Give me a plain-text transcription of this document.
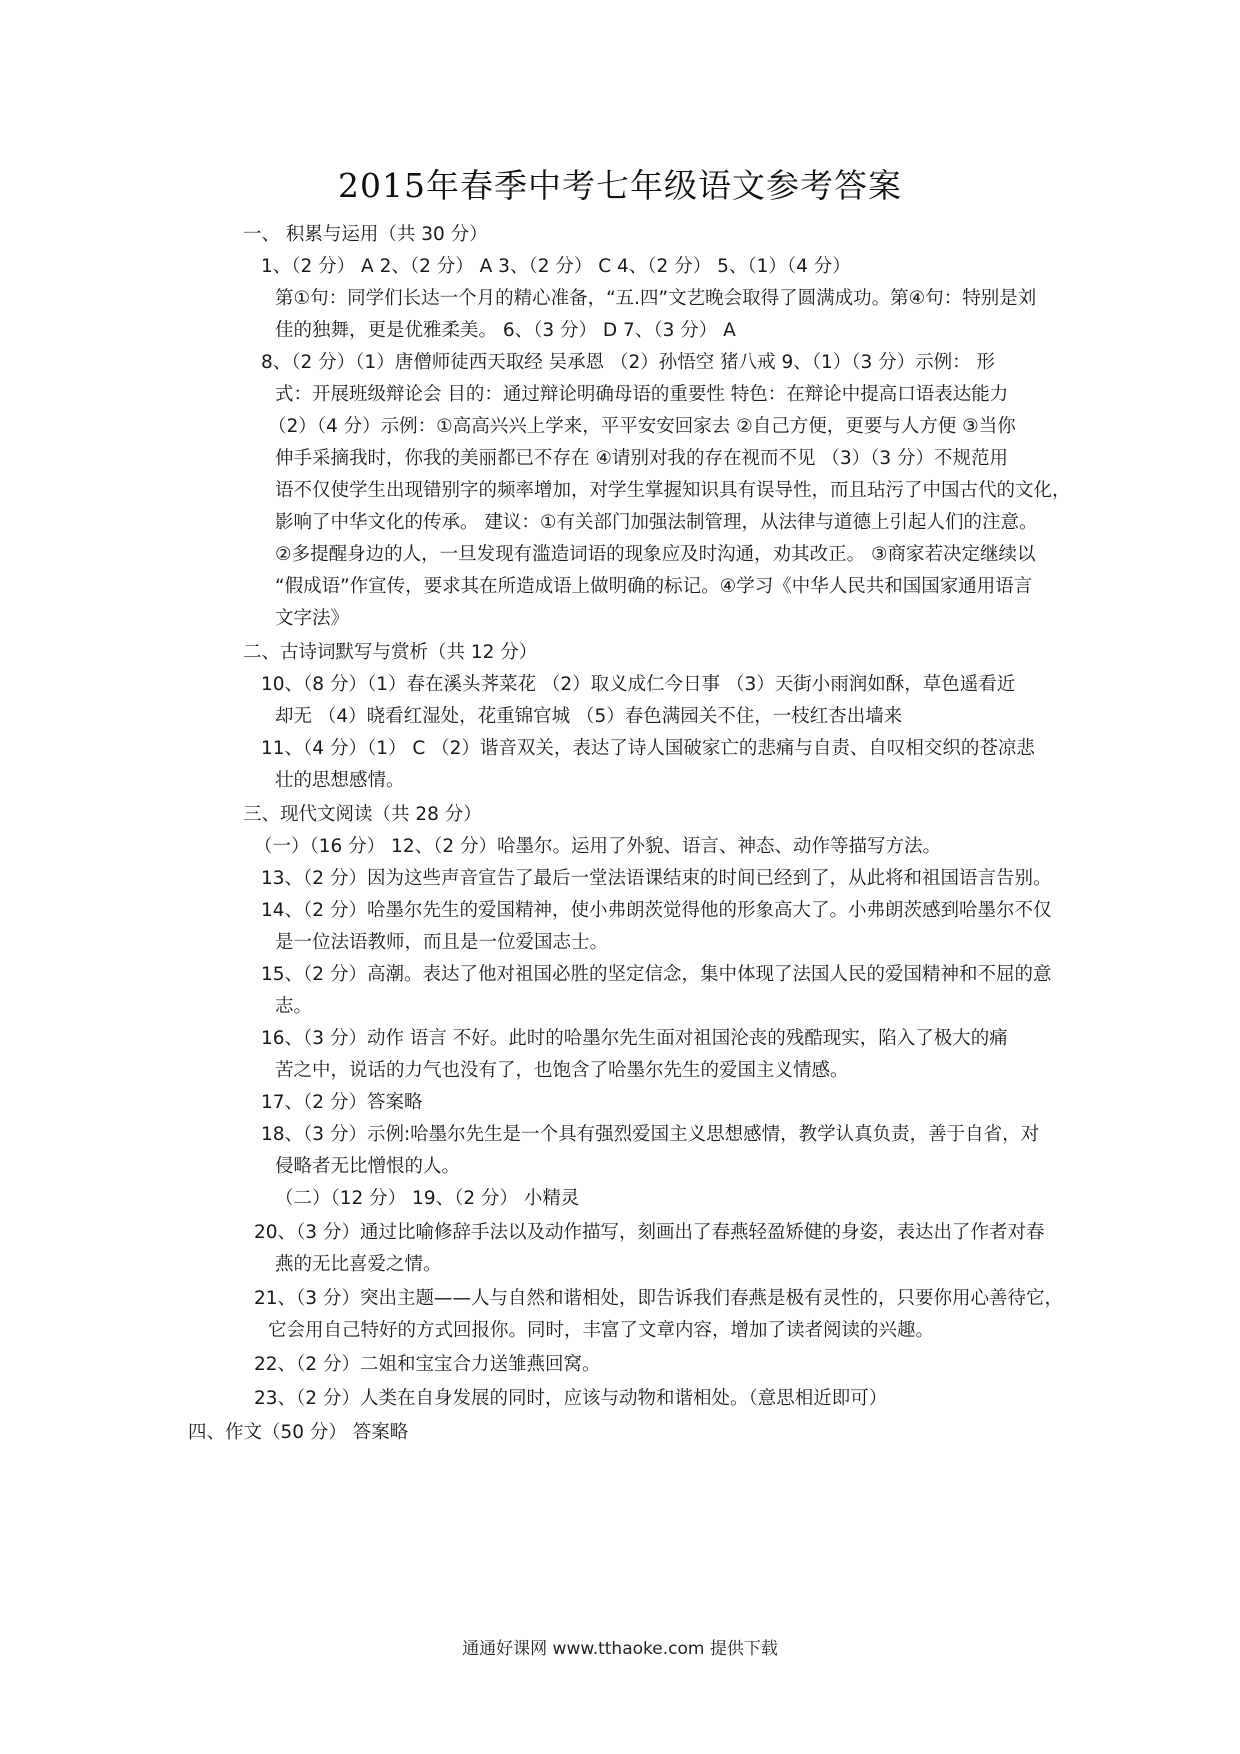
2015年春季中考七年级语文参考答案
一、 积累与运用（共 30 分）
1、（2 分） A 2、（2 分） A 3、（2 分） C 4、（2 分） 5、（1）（4 分）
第①句：同学们长达一个月的精心准备，“五.四”文艺晚会取得了圆满成功。第④句：特别是刘
佳的独舞，更是优雅柔美。 6、（3 分） D 7、（3 分） A
8、（2 分）（1）唐僧师徒西天取经 吴承恩 （2）孙悟空 猪八戒 9、（1）（3 分）示例： 形
式：开展班级辩论会 目的：通过辩论明确母语的重要性 特色：在辩论中提高口语表达能力
（2）（4 分）示例：①高高兴兴上学来，平平安安回家去 ②自己方便，更要与人方便 ③当你
伸手采摘我时，你我的美丽都已不存在 ④请别对我的存在视而不见 （3）（3 分）不规范用
语不仅使学生出现错别字的频率增加，对学生掌握知识具有误导性，而且玷污了中国古代的文化，
影响了中华文化的传承。 建议：①有关部门加强法制管理，从法律与道德上引起人们的注意。
②多提醒身边的人，一旦发现有滥造词语的现象应及时沟通，劝其改正。 ③商家若决定继续以
“假成语”作宣传，要求其在所造成语上做明确的标记。④学习《中华人民共和国国家通用语言
文字法》
二、古诗词默写与赏析（共 12 分）
10、（8 分）（1）春在溪头荠菜花 （2）取义成仁今日事 （3）天街小雨润如酥，草色遥看近
却无 （4）晓看红湿处，花重锦官城 （5）春色满园关不住，一枝红杏出墙来
11、（4 分）（1） C （2）谐音双关，表达了诗人国破家亡的悲痛与自责、自叹相交织的苍凉悲
壮的思想感情。
三、现代文阅读（共 28 分）
（一）（16 分） 12、（2 分）哈墨尔。运用了外貌、语言、神态、动作等描写方法。
13、（2 分）因为这些声音宣告了最后一堂法语课结束的时间已经到了，从此将和祖国语言告别。
14、（2 分）哈墨尔先生的爱国精神，使小弗朗茨觉得他的形象高大了。小弗朗茨感到哈墨尔不仅
是一位法语教师，而且是一位爱国志士。
15、（2 分）高潮。表达了他对祖国必胜的坚定信念，集中体现了法国人民的爱国精神和不屈的意
志。
16、（3 分）动作 语言 不好。此时的哈墨尔先生面对祖国沦丧的残酷现实，陷入了极大的痛
苦之中，说话的力气也没有了，也饱含了哈墨尔先生的爱国主义情感。
17、（2 分）答案略
18、（3 分）示例:哈墨尔先生是一个具有强烈爱国主义思想感情，教学认真负责，善于自省，对
侵略者无比憎恨的人。
（二）（12 分） 19、（2 分） 小精灵
20、（3 分）通过比喻修辞手法以及动作描写，刻画出了春燕轻盈矫健的身姿，表达出了作者对春
燕的无比喜爱之情。
21、（3 分）突出主题——人与自然和谐相处，即告诉我们春燕是极有灵性的，只要你用心善待它，
它会用自己特好的方式回报你。同时，丰富了文章内容，增加了读者阅读的兴趣。
22、（2 分）二姐和宝宝合力送雏燕回窝。
23、（2 分）人类在自身发展的同时，应该与动物和谐相处。（意思相近即可）
四、作文（50 分） 答案略
通通好课网 www.tthaoke.com 提供下载
